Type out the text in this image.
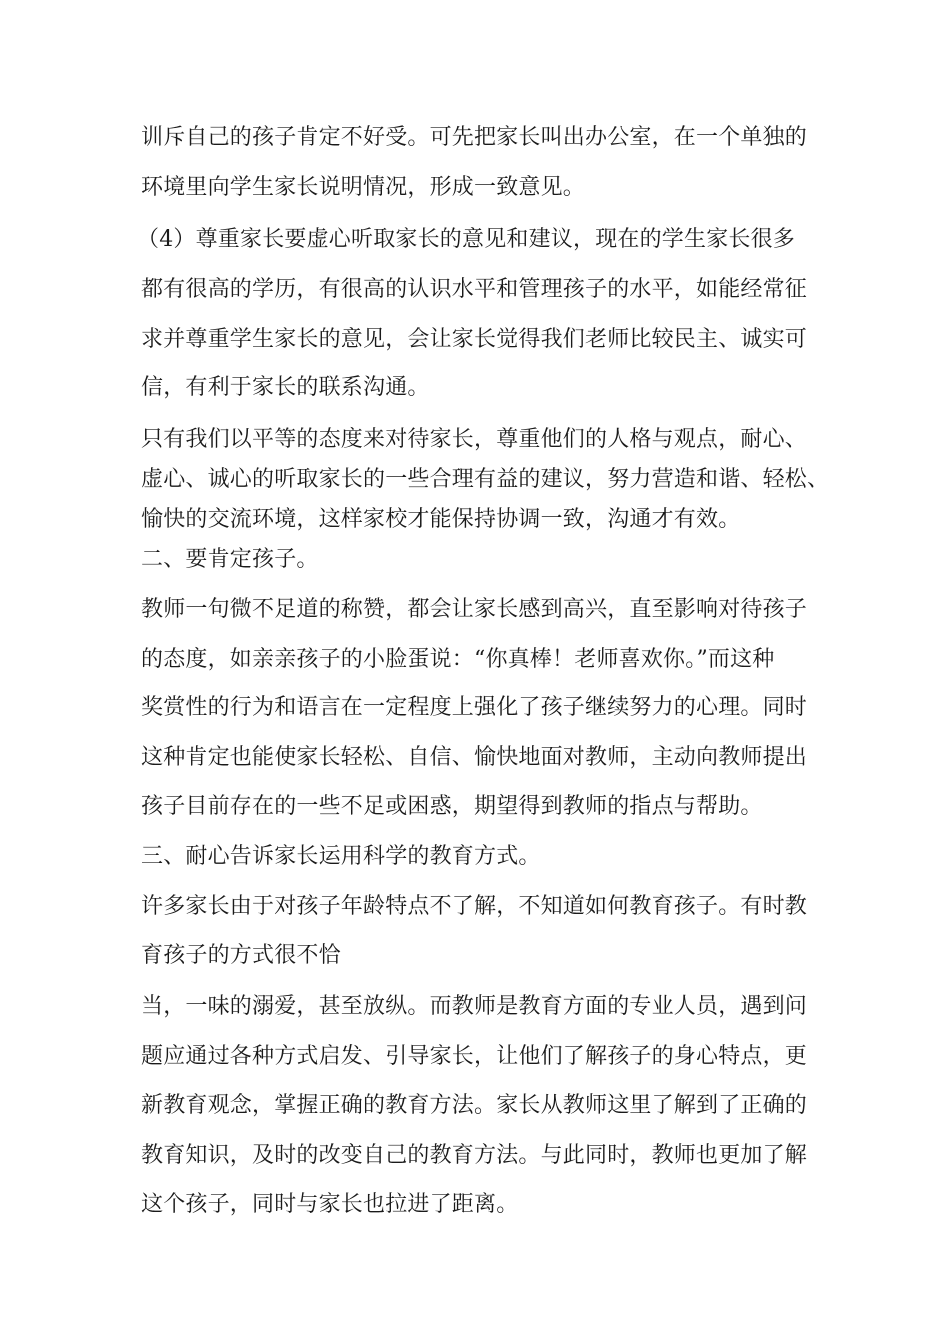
训斥自己的孩子肯定不好受。可先把家长叫出办公室，在一个单独的

环境里向学生家长说明情况，形成一致意见。

（4）尊重家长要虚心听取家长的意见和建议，现在的学生家长很多

都有很高的学历，有很高的认识水平和管理孩子的水平，如能经常征

求并尊重学生家长的意见，会让家长觉得我们老师比较民主、诚实可

信，有利于家长的联系沟通。

只有我们以平等的态度来对待家长，尊重他们的人格与观点，耐心、

虚心、诚心的听取家长的一些合理有益的建议，努力营造和谐、轻松、

愉快的交流环境，这样家校才能保持协调一致，沟通才有效。

二、要肯定孩子。

教师一句微不足道的称赞，都会让家长感到高兴，直至影响对待孩子

的态度，如亲亲孩子的小脸蛋说：“你真棒！老师喜欢你。”而这种

奖赏性的行为和语言在一定程度上强化了孩子继续努力的心理。同时

这种肯定也能使家长轻松、自信、愉快地面对教师，主动向教师提出

孩子目前存在的一些不足或困惑，期望得到教师的指点与帮助。

三、耐心告诉家长运用科学的教育方式。

许多家长由于对孩子年龄特点不了解，不知道如何教育孩子。有时教

育孩子的方式很不恰

当，一味的溺爱，甚至放纵。而教师是教育方面的专业人员，遇到问

题应通过各种方式启发、引导家长，让他们了解孩子的身心特点，更

新教育观念，掌握正确的教育方法。家长从教师这里了解到了正确的

教育知识，及时的改变自己的教育方法。与此同时，教师也更加了解

这个孩子，同时与家长也拉进了距离。
